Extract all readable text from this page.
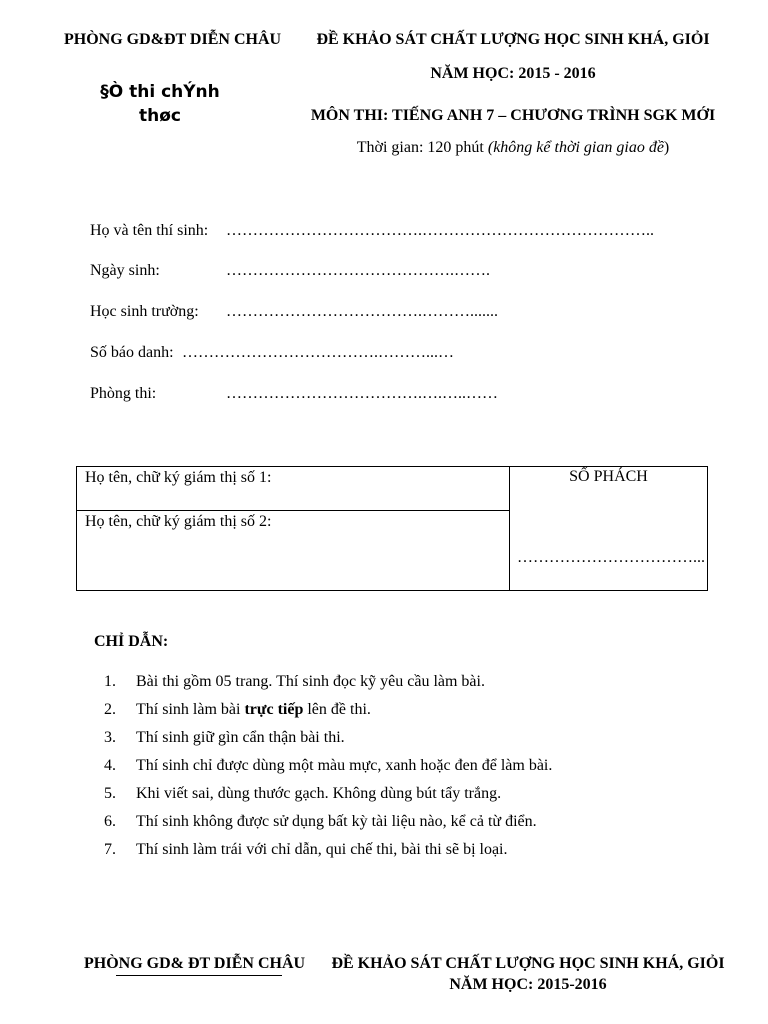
PHÒNG GD&ĐT DIỄN CHÂU
§Ò thi chÝnh thøc
ĐỀ KHẢO SÁT CHẤT LƯỢNG HỌC SINH KHÁ, GIỎI
NĂM HỌC: 2015 - 2016
MÔN THI: TIẾNG ANH 7 – CHƯƠNG TRÌNH SGK MỚI
Thời gian: 120 phút (không kể thời gian giao đề)
Họ và tên thí sinh: ……………………………….……………………………………..
Ngày sinh:	…………………………………….…….
Học sinh trường: ……………………………….……….......
Số báo danh: ……………………………….………...…
Phòng thi:	……………………………….….…..……
Họ tên, chữ ký giám thị số 1:
Họ tên, chữ ký giám thị số 2:
SỐ PHÁCH
……………………………...
CHỈ DẪN:
1. Bài thi gồm 05 trang. Thí sinh đọc kỹ yêu cầu làm bài.
2. Thí sinh làm bài trực tiếp lên đề thi.
3. Thí sinh giữ gìn cẩn thận bài thi.
4. Thí sinh chỉ được dùng một màu mực, xanh hoặc đen để làm bài.
5. Khi viết sai, dùng thước gạch. Không dùng bút tẩy trắng.
6. Thí sinh không được sử dụng bất kỳ tài liệu nào, kể cả từ điển.
7. Thí sinh làm trái với chỉ dẫn, qui chế thi, bài thi sẽ bị loại.
PHÒNG GD& ĐT DIỄN CHÂU	ĐỀ KHẢO SÁT CHẤT LƯỢNG HỌC SINH KHÁ, GIỎI
NĂM HỌC: 2015-2016
